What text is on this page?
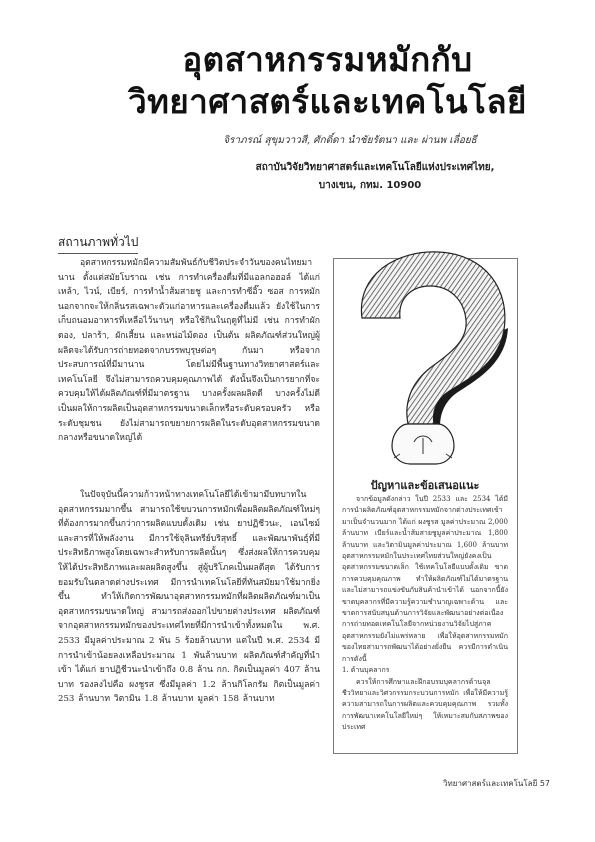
อุตสาหกรรมหมักกับ
วิทยาศาสตร์และเทคโนโลยี
จิราภรณ์ สุขุมวาวสี, ศักดิ์ดา นำชัยรัตนา และ ผ่านพ เลื่อยธี
สถาบันวิจัยวิทยาศาสตร์และเทคโนโลยีแห่งประเทศไทย,
บางเขน, กทม. 10900
สถานภาพทั่วไป
อุตสาหกรรมหมักมีความสัมพันธ์กับชีวิตประจำวันของคนไทยมานาน ตั้งแต่สมัยโบราณ เช่น การทำเครื่องดื่มที่มีแอลกอฮอล์ ได้แก่ เหล้า, ไวน์, เบียร์, การทำน้ำส้มสายชู และการทำซีอิ๊ว ซอส การหมักนอกจากจะให้กลิ่นรสเฉพาะตัวแก่อาหารและเครื่องดื่มแล้ว ยังใช้ในการเก็บถนอมอาหารที่เหลือไว้นานๆ หรือใช้กินในฤดูที่ไม่มี เช่น การทำผักดอง, ปลาร้า, ผักเสี้ยน และหน่อไม้ดอง เป็นต้น ผลิตภัณฑ์ส่วนใหญ่ผู้ผลิตจะได้รับการถ่ายทอดจากบรรพบุรุษต่อๆ กันมา หรือจากประสบการณ์ที่มีมานาน โดยไม่มีพื้นฐานทางวิทยาศาสตร์และเทคโนโลยี จึงไม่สามารถควบคุมคุณภาพได้ ดังนั้นจึงเป็นการยากที่จะควบคุมให้ได้ผลิตภัณฑ์ที่มีมาตรฐาน บางครั้งผลผลิตดี บางครั้งไม่ดี เป็นผลให้การผลิตเป็นอุตสาหกรรมขนาดเล็กหรือระดับครอบครัว หรือระดับชุมชน ยังไม่สามารถขยายการผลิตในระดับอุตสาหกรรมขนาดกลางหรือขนาดใหญ่ได้
ในปัจจุบันนี้ความก้าวหน้าทางเทคโนโลยีได้เข้ามามีบทบาทในอุตสาหกรรมมากขึ้น สามารถใช้ขบวนการหมักเพื่อผลิตผลิตภัณฑ์ใหม่ๆ ที่ต้องการมากขึ้นกว่าการผลิตแบบดั้งเดิม เช่น ยาปฏิชีวนะ, เอนไซม์ และสารที่ให้พลังงาน มีการใช้จุลินทรีย์บริสุทธิ์ และพัฒนาพันธุ์ที่มีประสิทธิภาพสูงโดยเฉพาะสำหรับการผลิตนั้นๆ ซึ่งส่งผลให้การควบคุมให้ได้ประสิทธิภาพและผลผลิตสูงขึ้น สู่ผู้บริโภคเป็นผลดีสุด ได้รับการยอมรับในตลาดต่างประเทศ มีการนำเทคโนโลยีที่ทันสมัยมาใช้มากยิ่งขึ้น ทำให้เกิดการพัฒนาอุตสาหกรรมหมักที่ผลิตผลิตภัณฑ์มาเป็นอุตสาหกรรมขนาดใหญ่ สามารถส่งออกไปขายต่างประเทศ ผลิตภัณฑ์จากอุตสาหกรรมหมักของประเทศไทยที่มีการนำเข้าทั้งหมดใน พ.ศ. 2533 มีมูลค่าประมาณ 2 พัน 5 ร้อยล้านบาท แต่ในปี พ.ศ. 2534 มีการนำเข้าน้อยลงเหลือประมาณ 1 พันล้านบาท ผลิตภัณฑ์สำคัญที่นำเข้า ได้แก่ ยาปฏิชีวนะนำเข้าถึง 0.8 ล้าน กก. กิตเป็นมูลค่า 407 ล้านบาท รองลงไปคือ ผงชูรส ซึ่งมีมูลค่า 1.2 ล้านกิโลกรัม กิตเป็นมูลค่า 253 ล้านบาท วิตามิน 1.8 ล้านบาท มูลค่า 158 ล้านบาท
ปัญหาและข้อเสนอแนะ

จากข้อมูลดังกล่าว ในปี 2533 และ 2534 ได้มีการนำผลิตภัณฑ์อุตสาหกรรมหมักจากต่างประเทศเข้ามาเป็นจำนวนมาก ได้แก่ ผงชูรส มูลค่าประมาณ 2,000 ล้านบาท เบียร์และน้ำส้มสายชูมูลค่าประมาณ 1,800 ล้านบาท และวิตามินมูลค่าประมาณ 1,600 ล้านบาท อุตสาหกรรมหมักในประเทศไทยส่วนใหญ่ยังคงเป็นอุตสาหกรรมขนาดเล็ก ใช้เทคโนโลยีแบบดั้งเดิม ขาดการควบคุมคุณภาพ ทำให้ผลิตภัณฑ์ไม่ได้มาตรฐาน และไม่สามารถแข่งขันกับสินค้านำเข้าได้ นอกจากนี้ยังขาดบุคลากรที่มีความรู้ความชำนาญเฉพาะด้าน และขาดการสนับสนุนด้านการวิจัยและพัฒนาอย่างต่อเนื่อง การถ่ายทอดเทคโนโลยีจากหน่วยงานวิจัยไปสู่ภาคอุตสาหกรรมยังไม่แพร่หลาย เพื่อให้อุตสาหกรรมหมักของไทยสามารถพัฒนาได้อย่างยั่งยืน ควรมีการดำเนินการดังนี้

1. ด้านบุคลากร

ควรให้การศึกษาและฝึกอบรมบุคลากรด้านจุลชีววิทยาและวิศวกรรมกระบวนการหมัก เพื่อให้มีความรู้ความสามารถในการผลิตและควบคุมคุณภาพ รวมทั้งการพัฒนาเทคโนโลยีใหม่ๆ ให้เหมาะสมกับสภาพของประเทศ

วิทยาศาสตร์และเทคโนโลยี 57
